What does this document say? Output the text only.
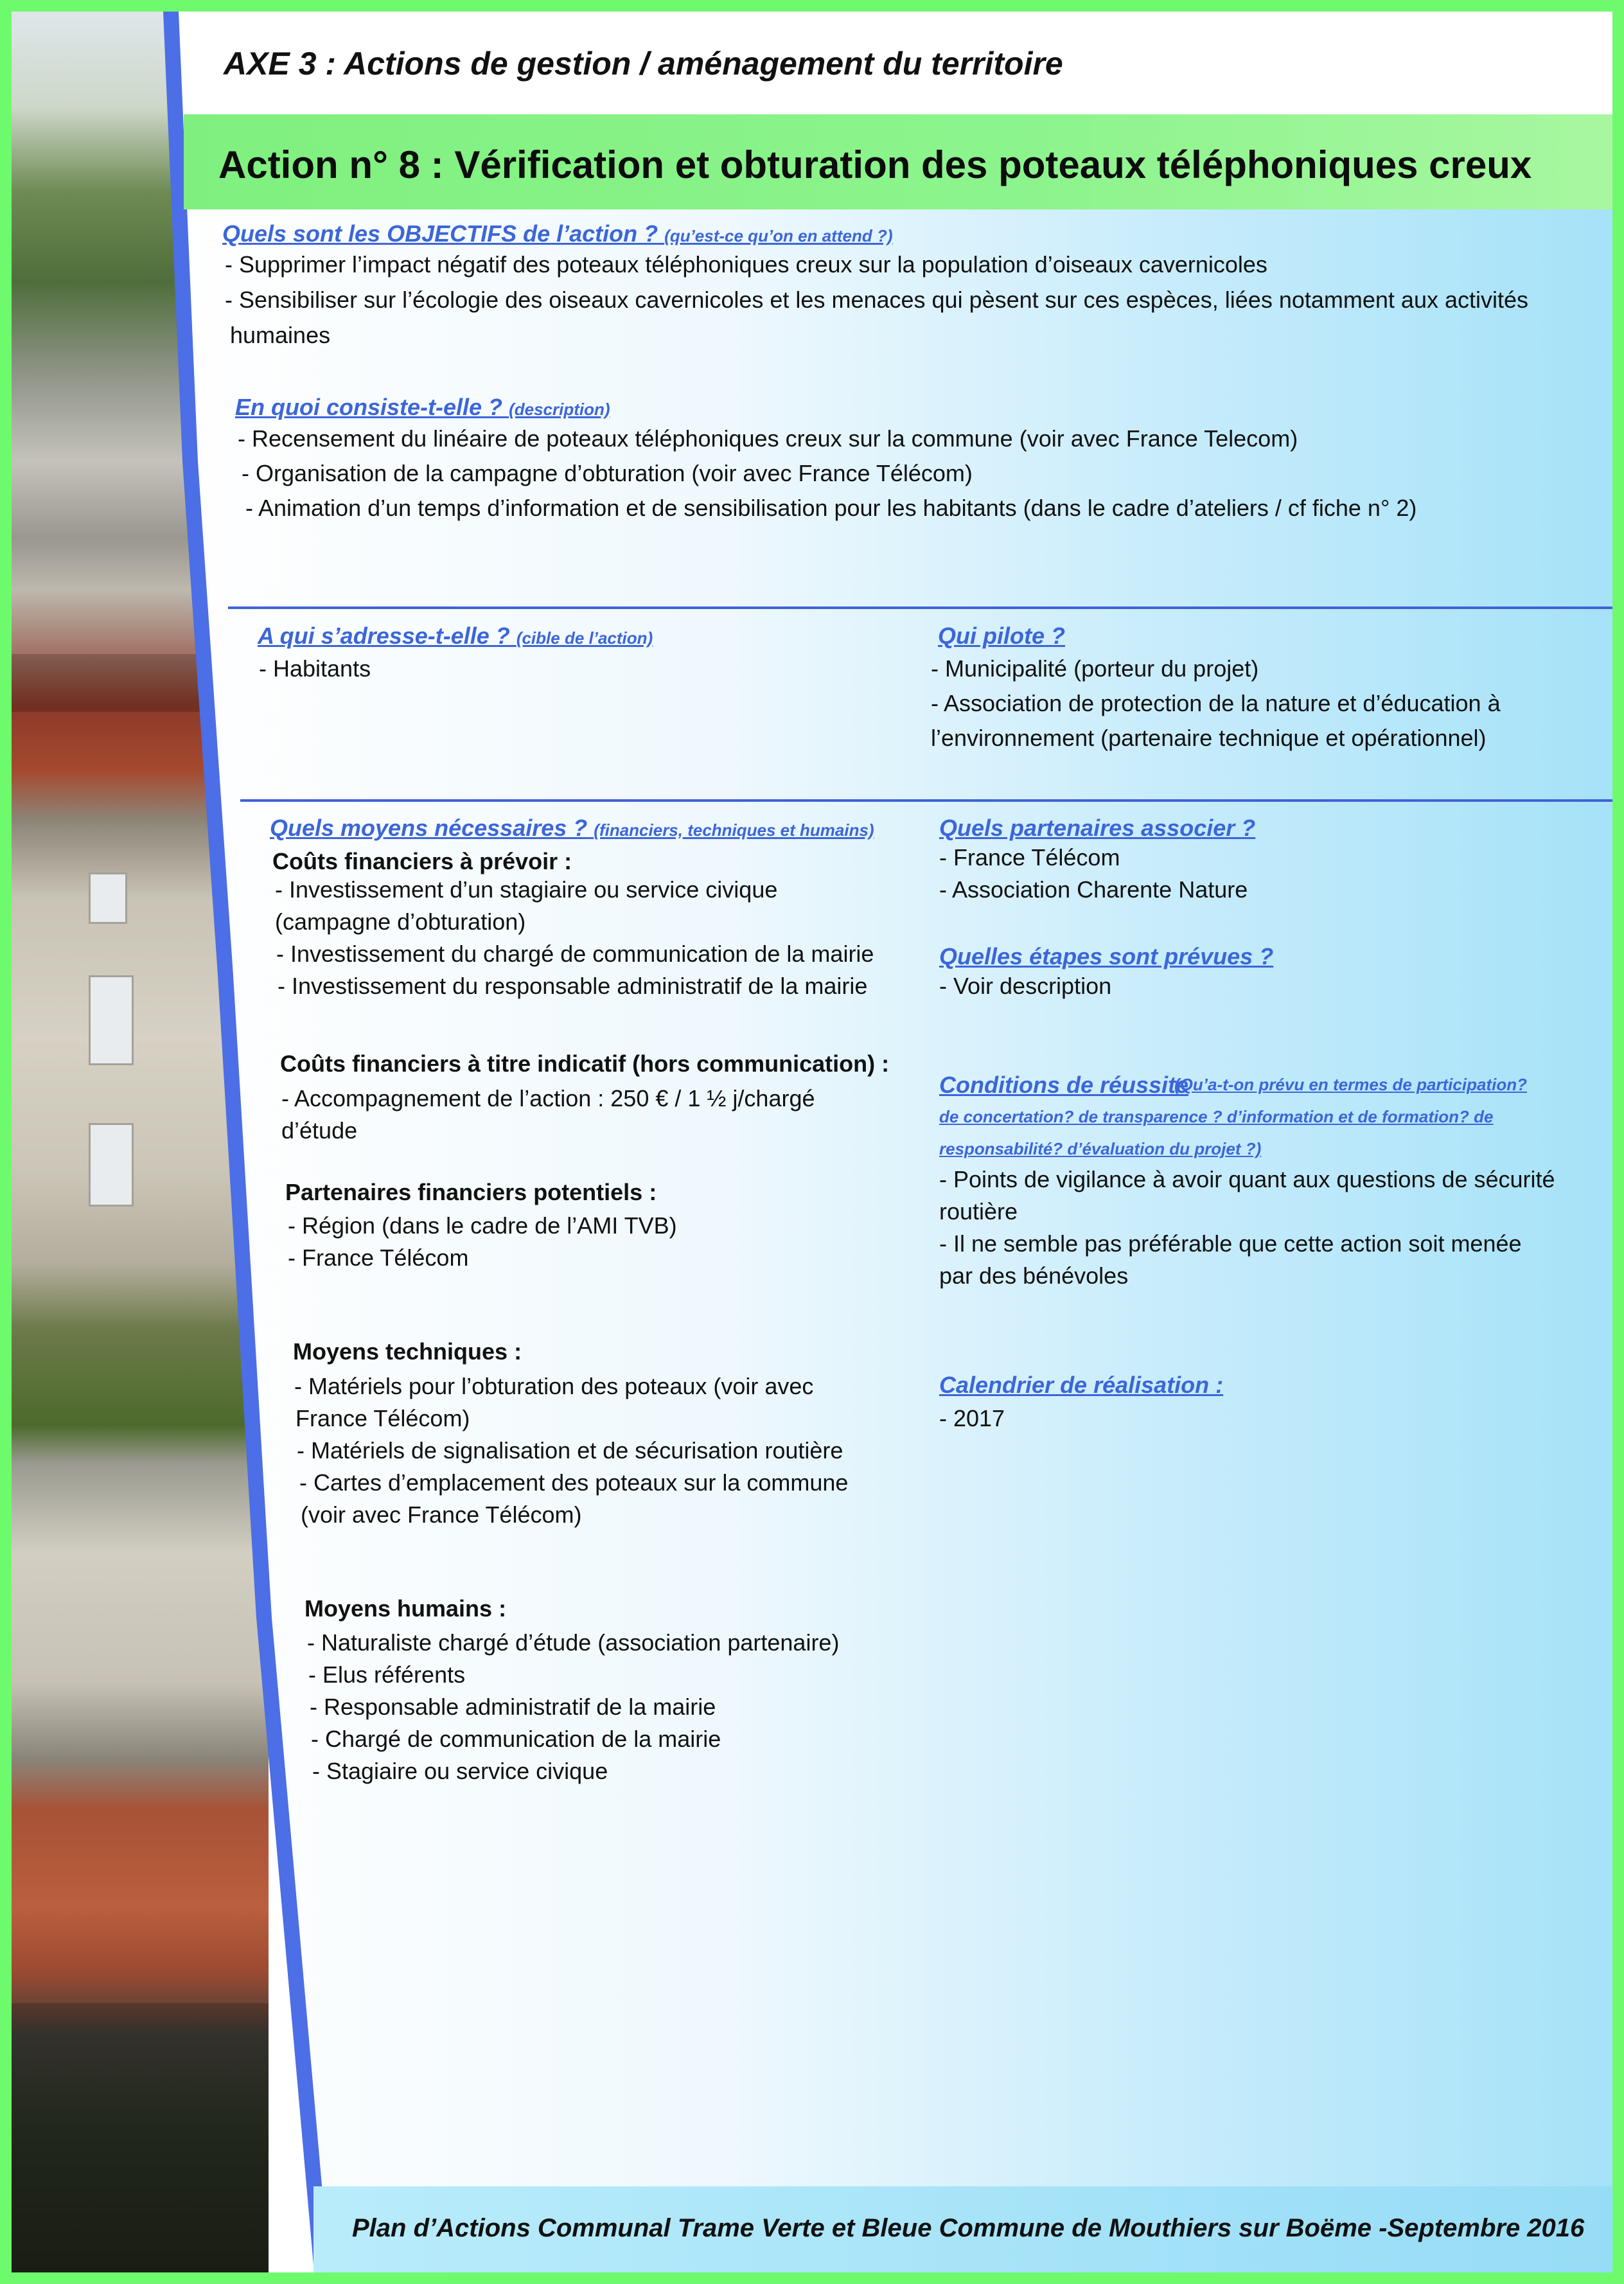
AXE 3 : Actions de gestion / aménagement du territoire
Action n° 8 : Vérification et obturation des poteaux téléphoniques creux
Quels sont les OBJECTIFS de l’action ? (qu’est-ce qu’on en attend ?)
- Supprimer l’impact négatif des poteaux téléphoniques creux sur la population d’oiseaux cavernicoles
- Sensibiliser sur l’écologie des oiseaux cavernicoles et les menaces qui pèsent sur ces espèces, liées notamment aux activités
humaines
En quoi consiste-t-elle ? (description)
- Recensement du linéaire de poteaux téléphoniques creux sur la commune (voir avec France Telecom)
- Organisation de la campagne d’obturation (voir avec France Télécom)
- Animation d’un temps d’information et de sensibilisation pour les habitants (dans le cadre d’ateliers / cf fiche n° 2)
A qui s’adresse-t-elle ? (cible de l’action)
- Habitants
Qui pilote ?
- Municipalité (porteur du projet)
- Association de protection de la nature et d’éducation à
l’environnement (partenaire technique et opérationnel)
Quels moyens nécessaires ? (financiers, techniques et humains)
Coûts financiers à prévoir :
- Investissement d’un stagiaire ou service civique
(campagne d’obturation)
- Investissement du chargé de communication de la mairie
- Investissement du responsable administratif de la mairie
Coûts financiers à titre indicatif (hors communication) :
- Accompagnement de l’action : 250 € / 1 ½ j/chargé
d’étude
Partenaires financiers potentiels :
- Région (dans le cadre de l’AMI TVB)
- France Télécom
Moyens techniques :
- Matériels pour l’obturation des poteaux (voir avec
France Télécom)
- Matériels de signalisation et de sécurisation routière
- Cartes d’emplacement des poteaux sur la commune
(voir avec France Télécom)
Moyens humains :
- Naturaliste chargé d’étude (association partenaire)
- Elus référents
- Responsable administratif de la mairie
- Chargé de communication de la mairie
- Stagiaire ou service civique
Quels partenaires associer ?
- France Télécom
- Association Charente Nature
Quelles étapes sont prévues ?
- Voir description
Conditions de réussite
(Qu’a-t-on prévu en termes de participation?
de concertation? de transparence ? d’information et de formation? de
responsabilité? d’évaluation du projet ?)
- Points de vigilance à avoir quant aux questions de sécurité
routière
- Il ne semble pas préférable que cette action soit menée
par des bénévoles
Calendrier de réalisation :
- 2017
Plan d’Actions Communal Trame Verte et Bleue Commune de Mouthiers sur Boëme -Septembre 2016
